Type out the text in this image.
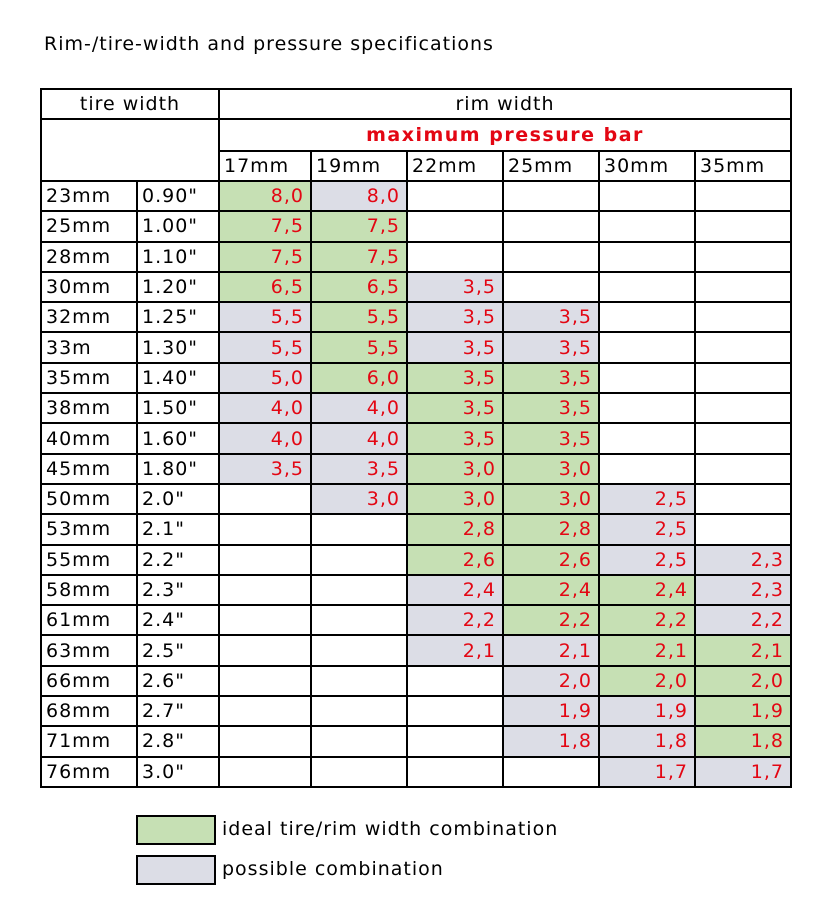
Rim-/tire-width and pressure specifications
tire width		rim width					
		maximum pressure bar					
		17mm	19mm	22mm	25mm	30mm	35mm
23mm	0.90"	8,0	8,0				
25mm	1.00"	7,5	7,5				
28mm	1.10"	7,5	7,5				
30mm	1.20"	6,5	6,5	3,5			
32mm	1.25"	5,5	5,5	3,5	3,5		
33m	1.30"	5,5	5,5	3,5	3,5		
35mm	1.40"	5,0	6,0	3,5	3,5		
38mm	1.50"	4,0	4,0	3,5	3,5		
40mm	1.60"	4,0	4,0	3,5	3,5		
45mm	1.80"	3,5	3,5	3,0	3,0		
50mm	2.0"		3,0	3,0	3,0	2,5	
53mm	2.1"			2,8	2,8	2,5	
55mm	2.2"			2,6	2,6	2,5	2,3
58mm	2.3"			2,4	2,4	2,4	2,3
61mm	2.4"			2,2	2,2	2,2	2,2
63mm	2.5"			2,1	2,1	2,1	2,1
66mm	2.6"				2,0	2,0	2,0
68mm	2.7"				1,9	1,9	1,9
71mm	2.8"				1,8	1,8	1,8
76mm	3.0"					1,7	1,7
ideal tire/rim width combination
possible combination
